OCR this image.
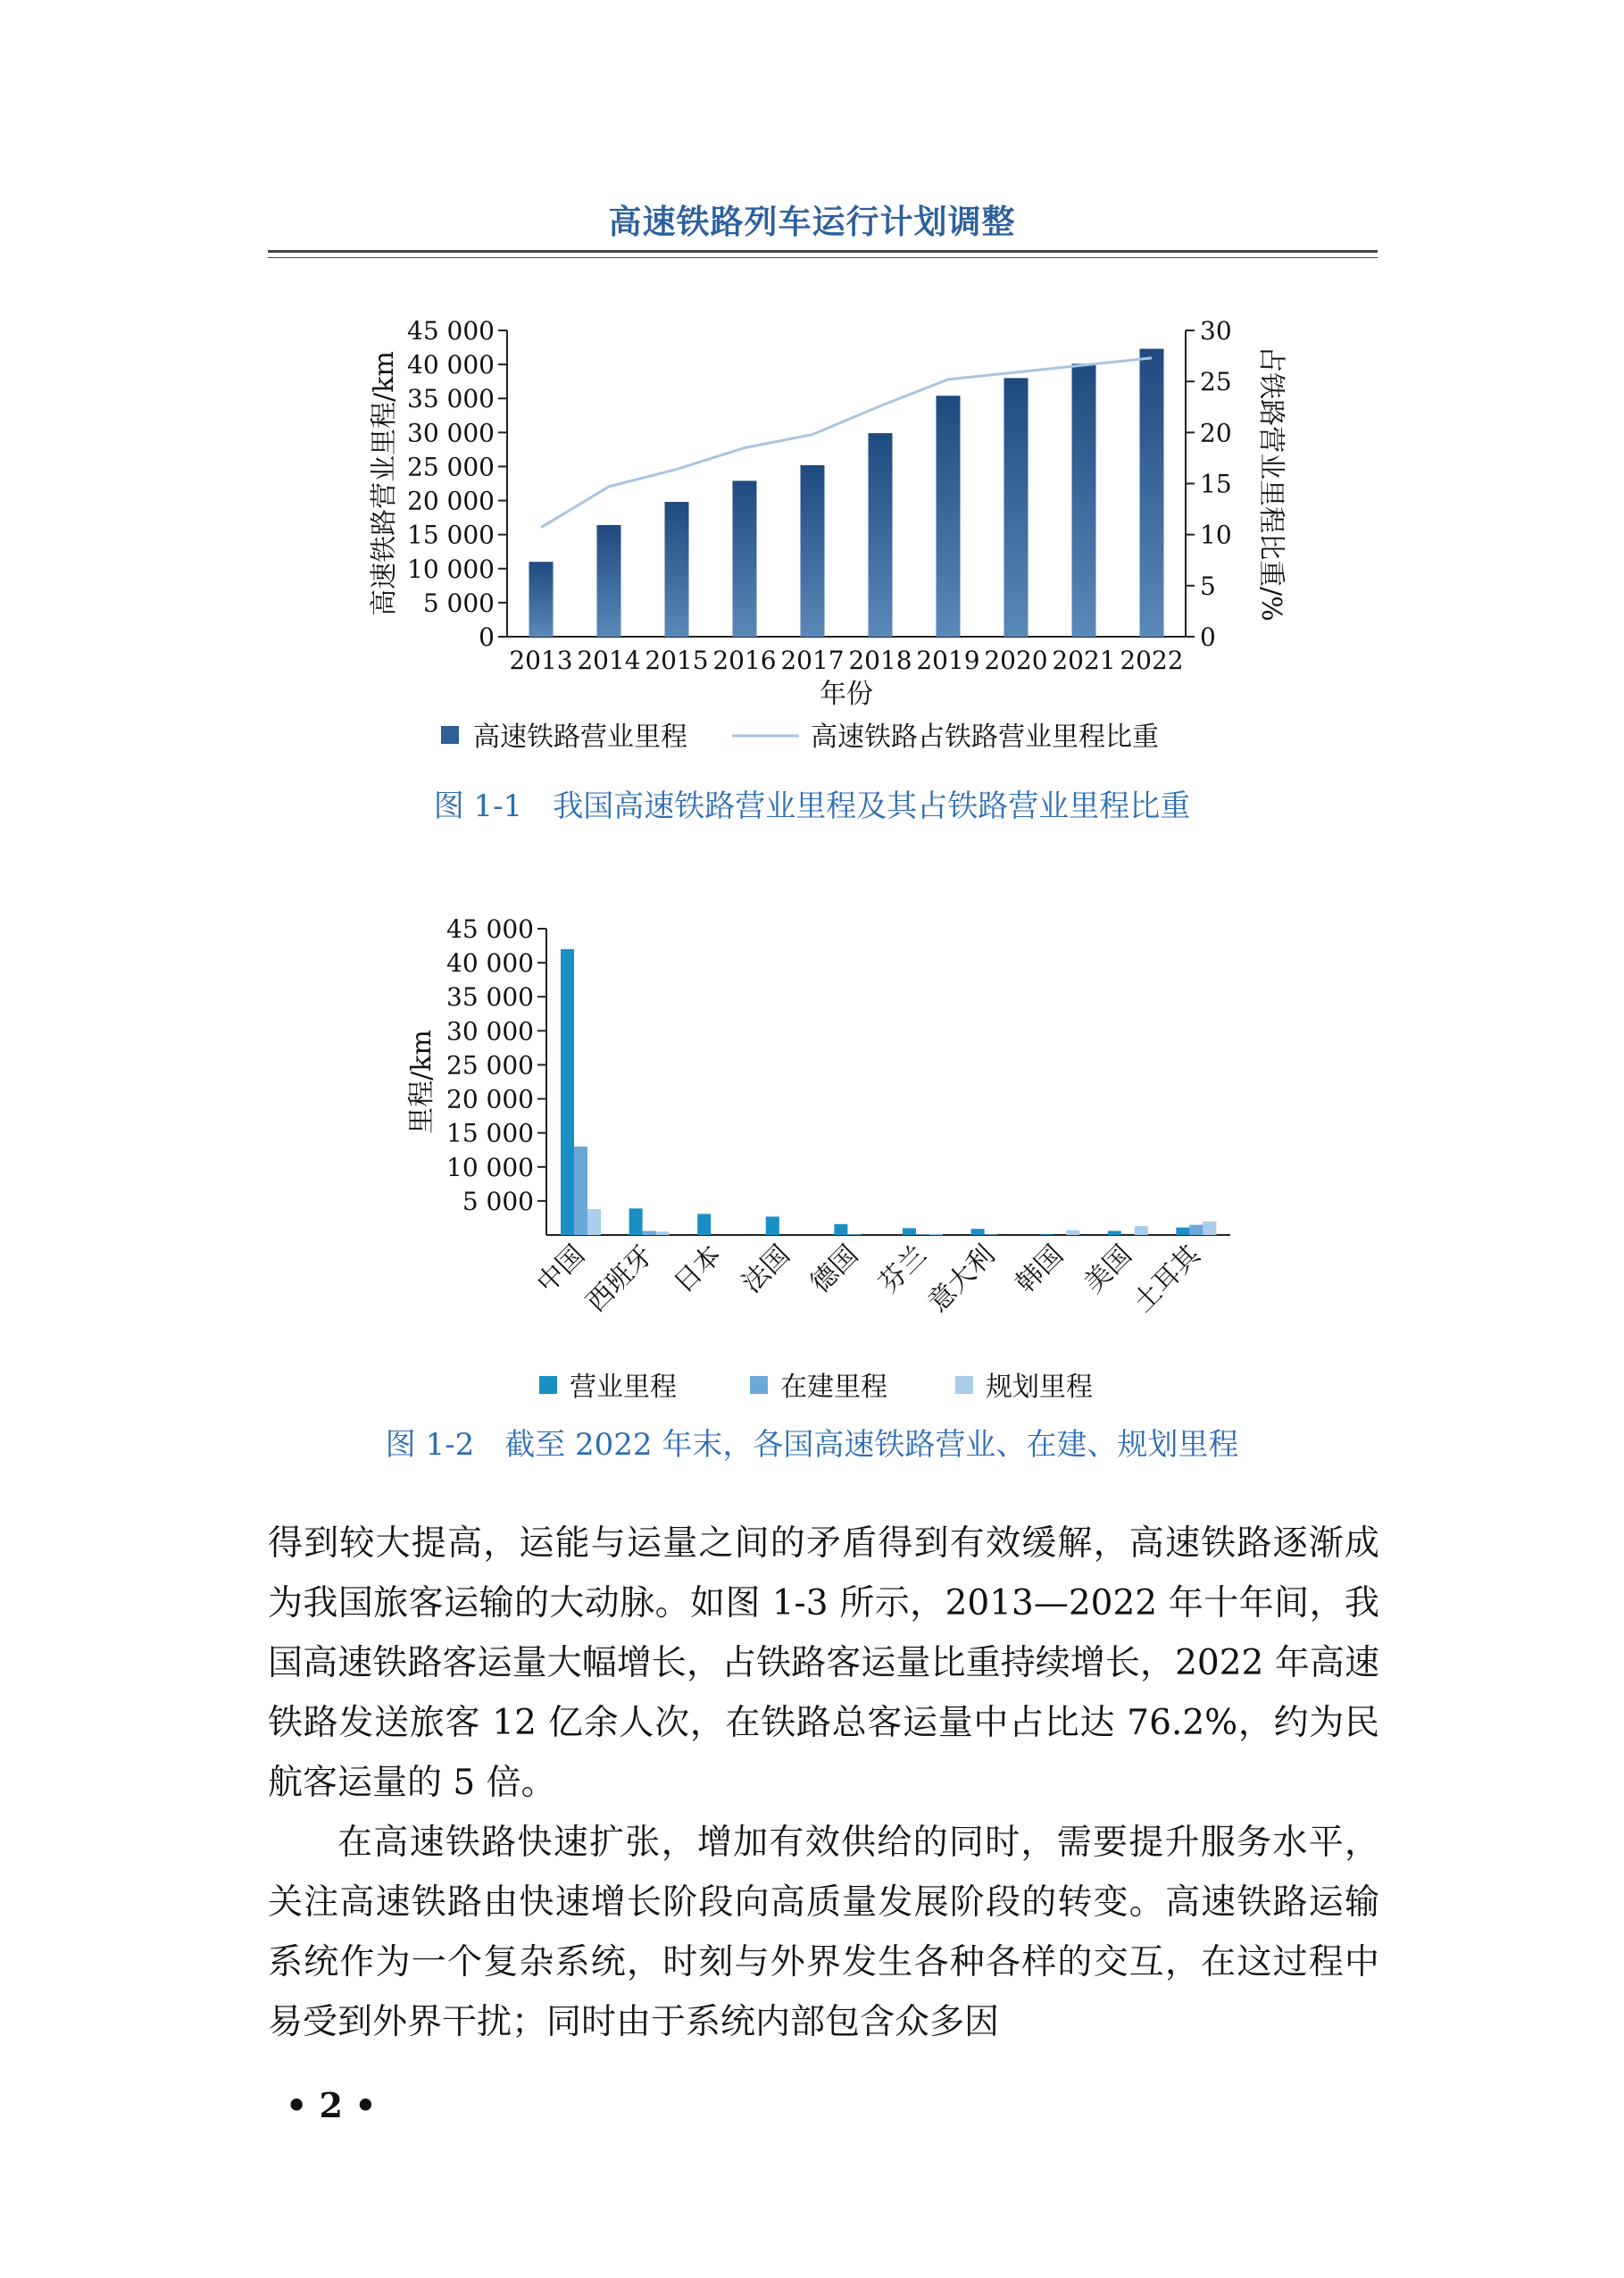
高速铁路列车运行计划调整
0
5 000
10 000
15 000
20 000
25 000
30 000
35 000
40 000
45 000
0
5
10
15
20
25
30
2013 2014 2015 2016 2017 2018 2019 2020 2021 2022
年份
高速铁路营业里程/km	占铁路营业里程比重/%
高速铁路营业里程	高速铁路占铁路营业里程比重
图 1-1　我国高速铁路营业里程及其占铁路营业里程比重
5 000
10 000
15 000
20 000
25 000
30 000
35 000
40 000
45 000
中国
西班牙 日本 法国 德国 芬兰
意大利 韩国 美国
土耳其
里程/km
营业里程	在建里程	规划里程
图 1-2　截至 2022 年末，各国高速铁路营业、在建、规划里程

得到较大提高，运能与运量之间的矛盾得到有效缓解，高速铁路逐渐成为我国旅客运输的大动脉。如图 1-3 所示，2013—2022 年十年间，我国高速铁路客运量大幅增长，占铁路客运量比重持续增长，2022 年高速铁路发送旅客 12 亿余人次，在铁路总客运量中占比达 76.2%，约为民航客运量的 5 倍。

在高速铁路快速扩张，增加有效供给的同时，需要提升服务水平，关注高速铁路由快速增长阶段向高质量发展阶段的转变。高速铁路运输系统作为一个复杂系统，时刻与外界发生各种各样的交互，在这过程中易受到外界干扰；同时由于系统内部包含众多因

• 2 •
